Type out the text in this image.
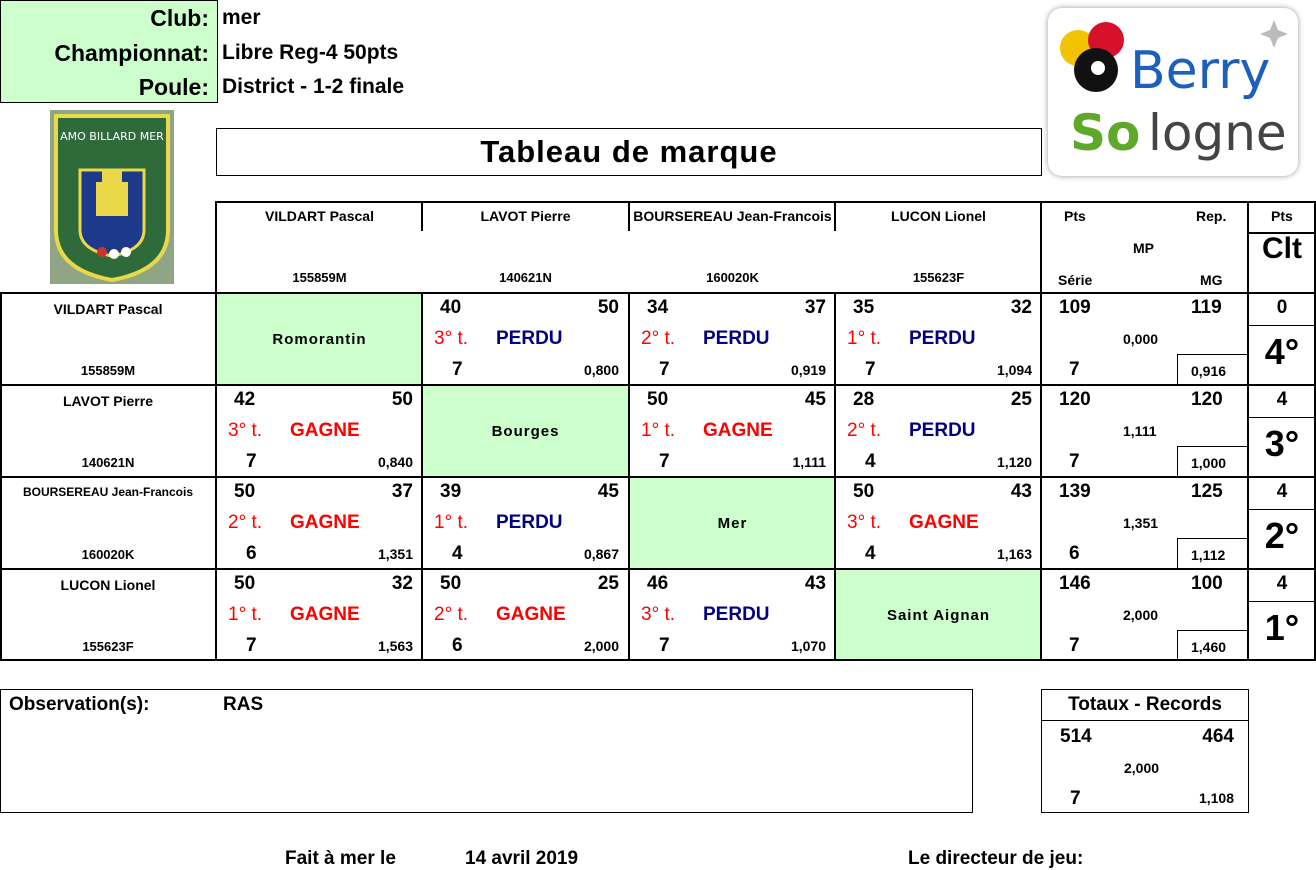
Club:
Championnat:
Poule:
mer
Libre Reg-4 50pts
District - 1-2 finale
AMO BILLARD MER
Berry
So logne
Tableau de marque
VILDART Pascal
155859M
LAVOT Pierre
140621N
BOURSEREAU Jean-Francois
160020K
LUCON Lionel
155623F
Pts	Rep.
MP
Série	MG
Pts
Clt
VILDART Pascal
155859M
Romorantin
40	50
3° t. PERDU
7	0,800
34	37
2° t. PERDU
7	0,919
35	32
1° t. PERDU
7	1,094
109	119
0,000
7	0,916
0
4°
LAVOT Pierre
140621N
42	50
3° t. GAGNE
7	0,840
Bourges
50	45
1° t. GAGNE
7	1,111
28	25
2° t. PERDU
4	1,120
120	120
1,111
7	1,000
4
3°
BOURSEREAU Jean-Francois
160020K
50	37
2° t. GAGNE
6	1,351
39	45
1° t. PERDU
4	0,867
Mer
50	43
3° t. GAGNE
4	1,163
139	125
1,351
6	1,112
4
2°
LUCON Lionel
155623F
50	32
1° t. GAGNE
7	1,563
50	25
2° t. GAGNE
6	2,000
46	43
3° t. PERDU
7	1,070
Saint Aignan
146	100
2,000
7	1,460
4
1°
Observation(s):	RAS	Totaux - Records
514	464
2,000
7	1,108
Fait à mer le	14 avril 2019	Le directeur de jeu:
